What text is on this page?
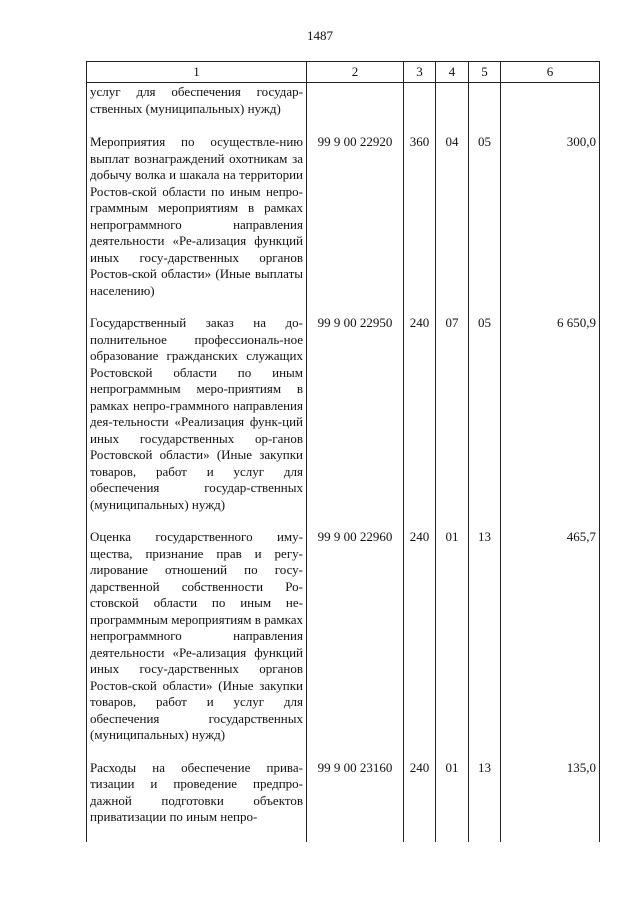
1487
1	2	3	4	5	6
услуг для обеспечения государ-ственных (муниципальных) нужд)					
Мероприятия по осуществле-нию выплат вознаграждений охотникам за добычу волка и шакала на территории Ростов-ской области по иным непро-граммным мероприятиям в рамках непрограммного направления деятельности «Ре-ализация функций иных госу-дарственных органов Ростов-ской области» (Иные выплаты населению)	99 9 00 22920	360	04	05	300,0
Государственный заказ на до-полнительное профессиональ-ное образование гражданских служащих Ростовской области по иным непрограммным меро-приятиям в рамках непро-граммного направления дея-тельности «Реализация функ-ций иных государственных ор-ганов Ростовской области» (Иные закупки товаров, работ и услуг для обеспечения государ-ственных (муниципальных) нужд)	99 9 00 22950	240	07	05	6 650,9
Оценка государственного иму-щества, признание прав и регу-лирование отношений по госу-дарственной собственности Ро-стовской области по иным не-программным мероприятиям в рамках непрограммного направления деятельности «Ре-ализация функций иных госу-дарственных органов Ростов-ской области» (Иные закупки товаров, работ и услуг для обеспечения государственных (муниципальных) нужд)	99 9 00 22960	240	01	13	465,7
Расходы на обеспечение прива-тизации и проведение предпро-дажной подготовки объектов приватизации по иным непро-	99 9 00 23160	240	01	13	135,0
